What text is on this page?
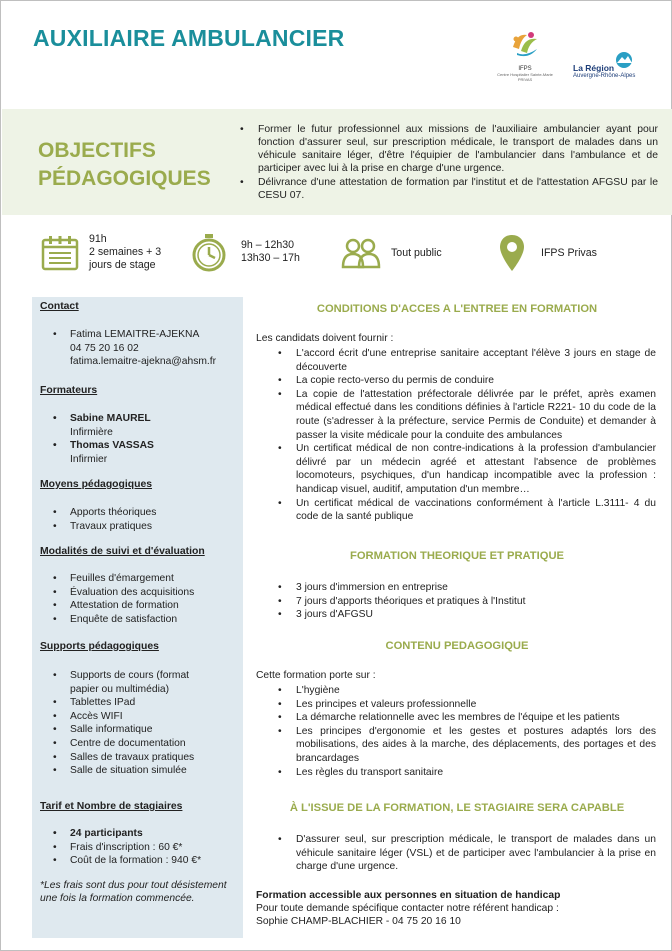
AUXILIAIRE AMBULANCIER
IFPS
Centre Hospitalier Sainte-Marie PRIVAS
La Région
Auvergne-Rhône-Alpes
OBJECTIFS
PÉDAGOGIQUES
• Former le futur professionnel aux missions de l'auxiliaire ambulancier ayant pour fonction d'assurer seul, sur prescription médicale, le transport de malades dans un véhicule sanitaire léger, d'être l'équipier de l'ambulancier dans l'ambulance et de participer avec lui à la prise en charge d'une urgence.
• Délivrance d'une attestation de formation par l'institut et de l'attestation AFGSU par le CESU 07.
91h
2 semaines + 3
jours de stage
9h – 12h30
13h30 – 17h	Tout public	IFPS Privas
Contact
• Fatima LEMAITRE-AJEKNA
04 75 20 16 02
fatima.lemaitre-ajekna@ahsm.fr
Formateurs
• Sabine MAUREL
Infirmière
• Thomas VASSAS
Infirmier
Moyens pédagogiques
• Apports théoriques
• Travaux pratiques
Modalités de suivi et d'évaluation
• Feuilles d'émargement
• Évaluation des acquisitions
• Attestation de formation
• Enquête de satisfaction
Supports pédagogiques
• Supports de cours (format
papier ou multimédia)
• Tablettes IPad
• Accès WIFI
• Salle informatique
• Centre de documentation
• Salles de travaux pratiques
• Salle de situation simulée
Tarif et Nombre de stagiaires
• 24 participants
• Frais d'inscription : 60 €*
• Coût de la formation : 940 €*
*Les frais sont dus pour tout désistement une fois la formation commencée.
CONDITIONS D'ACCES A L'ENTREE EN FORMATION
Les candidats doivent fournir :
• L'accord écrit d'une entreprise sanitaire acceptant l'élève 3 jours en stage de découverte
• La copie recto-verso du permis de conduire
• La copie de l'attestation préfectorale délivrée par le préfet, après examen médical effectué dans les conditions définies à l'article R221- 10 du code de la route (s'adresser à la préfecture, service Permis de Conduite) et demander à passer la visite médicale pour la conduite des ambulances
• Un certificat médical de non contre-indications à la profession d'ambulancier délivré par un médecin agréé et attestant l'absence de problèmes locomoteurs, psychiques, d'un handicap incompatible avec la profession : handicap visuel, auditif, amputation d'un membre…
• Un certificat médical de vaccinations conformément à l'article L.3111- 4 du code de la santé publique
FORMATION THEORIQUE ET PRATIQUE
• 3 jours d'immersion en entreprise
• 7 jours d'apports théoriques et pratiques à l'Institut
• 3 jours d'AFGSU
CONTENU PEDAGOGIQUE
Cette formation porte sur :
• L'hygiène
• Les principes et valeurs professionnelle
• La démarche relationnelle avec les membres de l'équipe et les patients
• Les principes d'ergonomie et les gestes et postures adaptés lors des mobilisations, des aides à la marche, des déplacements, des portages et des brancardages
• Les règles du transport sanitaire
À L'ISSUE DE LA FORMATION, LE STAGIAIRE SERA CAPABLE
• D'assurer seul, sur prescription médicale, le transport de malades dans un véhicule sanitaire léger (VSL) et de participer avec l'ambulancier à la prise en charge d'une urgence.
Formation accessible aux personnes en situation de handicap
Pour toute demande spécifique contacter notre référent handicap :
Sophie CHAMP-BLACHIER - 04 75 20 16 10
